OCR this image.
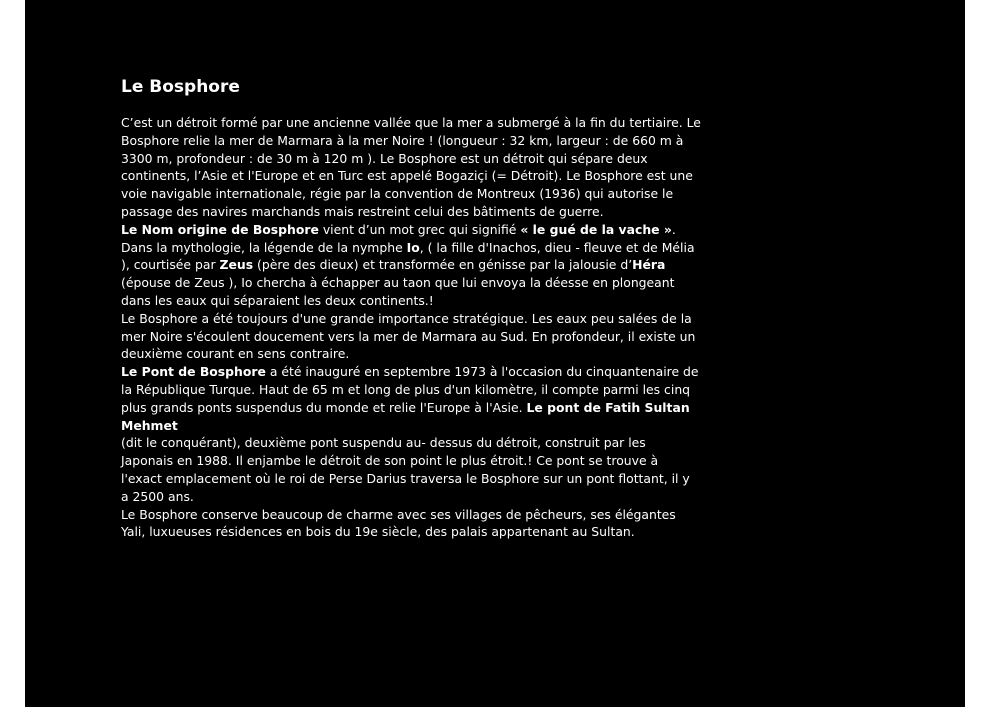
Le Bosphore

C’est un détroit formé par une ancienne vallée que la mer a submergé à la fin du tertiaire. Le Bosphore relie la mer de Marmara à la mer Noire ! (longueur : 32 km, largeur : de 660 m à 3300 m, profondeur : de 30 m à 120 m ). Le Bosphore est un détroit qui sépare deux continents, l’Asie et l'Europe et en Turc est appelé Bogaziçi (= Détroit). Le Bosphore est une voie navigable internationale, régie par la convention de Montreux (1936) qui autorise le passage des navires marchands mais restreint celui des bâtiments de guerre.

Le Nom origine de Bosphore vient d’un mot grec qui signifié « le gué de la vache ». Dans la mythologie, la légende de la nymphe Io, ( la fille d'Inachos, dieu - fleuve et de Mélia ), courtisée par Zeus (père des dieux) et transformée en génisse par la jalousie d’Héra (épouse de Zeus ), Io chercha à échapper au taon que lui envoya la déesse en plongeant dans les eaux qui séparaient les deux continents.!

Le Bosphore a été toujours d'une grande importance stratégique. Les eaux peu salées de la mer Noire s'écoulent doucement vers la mer de Marmara au Sud. En profondeur, il existe un deuxième courant en sens contraire.

Le Pont de Bosphore a été inauguré en septembre 1973 à l'occasion du cinquantenaire de la République Turque. Haut de 65 m et long de plus d'un kilomètre, il compte parmi les cinq plus grands ponts suspendus du monde et relie l'Europe à l'Asie. Le pont de Fatih Sultan Mehmet
(dit le conquérant), deuxième pont suspendu au- dessus du détroit, construit par les Japonais en 1988. Il enjambe le détroit de son point le plus étroit.! Ce pont se trouve à l'exact emplacement où le roi de Perse Darius traversa le Bosphore sur un pont flottant, il y a 2500 ans.

Le Bosphore conserve beaucoup de charme avec ses villages de pêcheurs, ses élégantes Yali, luxueuses résidences en bois du 19e siècle, des palais appartenant au Sultan.
